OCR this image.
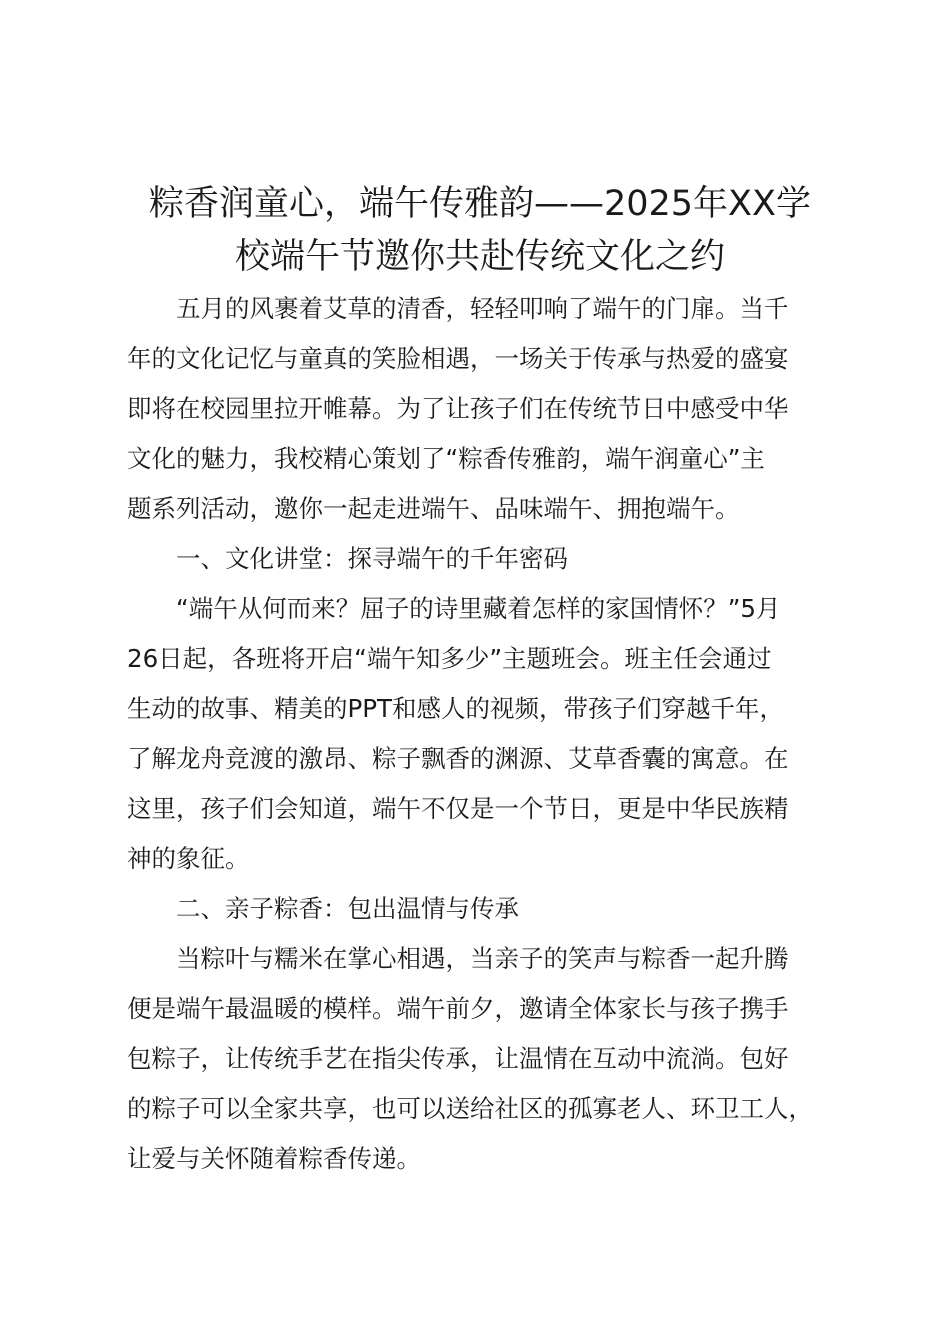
粽香润童心，端午传雅韵——2025年XX学
校端午节邀你共赴传统文化之约

五月的风裹着艾草的清香，轻轻叩响了端午的门扉。当千
年的文化记忆与童真的笑脸相遇，一场关于传承与热爱的盛宴
即将在校园里拉开帷幕。为了让孩子们在传统节日中感受中华
文化的魅力，我校精心策划了“粽香传雅韵，端午润童心”主
题系列活动，邀你一起走进端午、品味端午、拥抱端午。

一、文化讲堂：探寻端午的千年密码

“端午从何而来？屈子的诗里藏着怎样的家国情怀？”5月
26日起，各班将开启“端午知多少”主题班会。班主任会通过
生动的故事、精美的PPT和感人的视频，带孩子们穿越千年，
了解龙舟竞渡的激昂、粽子飘香的渊源、艾草香囊的寓意。在
这里，孩子们会知道，端午不仅是一个节日，更是中华民族精
神的象征。

二、亲子粽香：包出温情与传承

当粽叶与糯米在掌心相遇，当亲子的笑声与粽香一起升腾
便是端午最温暖的模样。端午前夕，邀请全体家长与孩子携手
包粽子，让传统手艺在指尖传承，让温情在互动中流淌。包好
的粽子可以全家共享，也可以送给社区的孤寡老人、环卫工人，
让爱与关怀随着粽香传递。
